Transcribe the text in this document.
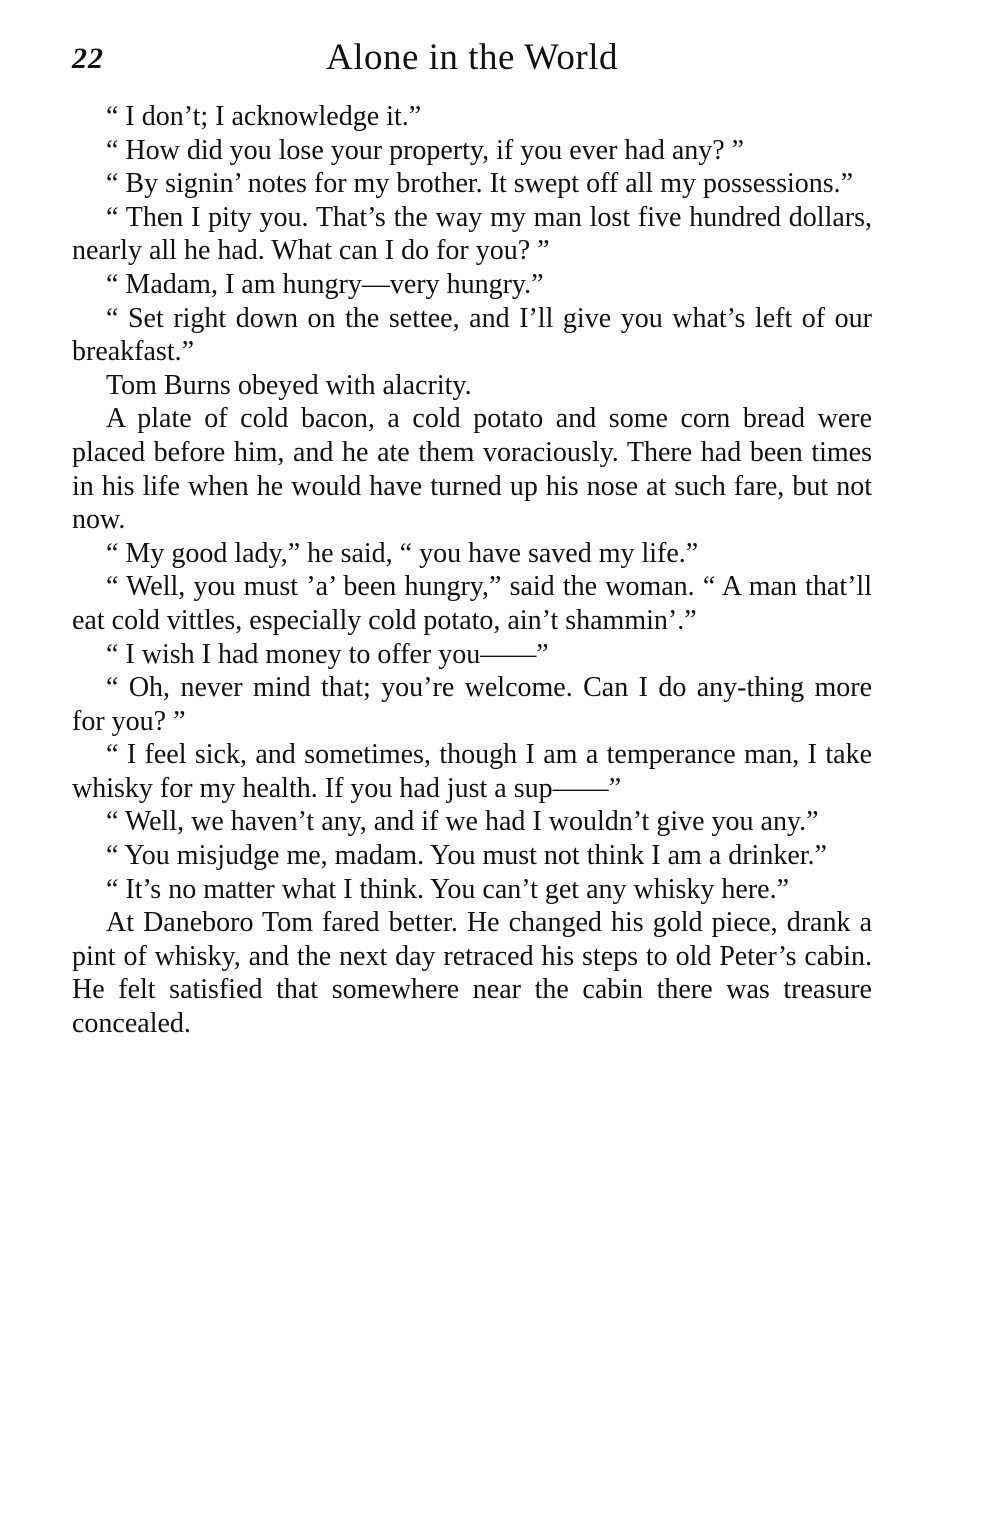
22	Alone in the World

“ I don’t; I acknowledge it.”

“ How did you lose your property, if you ever had any? ”

“ By signin’ notes for my brother. It swept off all my possessions.”

“ Then I pity you. That’s the way my man lost five hundred dollars, nearly all he had. What can I do for you? ”

“ Madam, I am hungry—very hungry.”

“ Set right down on the settee, and I’ll give you what’s left of our breakfast.”

Tom Burns obeyed with alacrity.

A plate of cold bacon, a cold potato and some corn bread were placed before him, and he ate them voraciously. There had been times in his life when he would have turned up his nose at such fare, but not now.

“ My good lady,” he said, “ you have saved my life.”

“ Well, you must ’a’ been hungry,” said the woman. “ A man that’ll eat cold vittles, especially cold potato, ain’t shammin’.”

“ I wish I had money to offer you——”

“ Oh, never mind that; you’re welcome. Can I do any-thing more for you? ”

“ I feel sick, and sometimes, though I am a temperance man, I take whisky for my health. If you had just a sup——”

“ Well, we haven’t any, and if we had I wouldn’t give you any.”

“ You misjudge me, madam. You must not think I am a drinker.”

“ It’s no matter what I think. You can’t get any whisky here.”

At Daneboro Tom fared better. He changed his gold piece, drank a pint of whisky, and the next day retraced his steps to old Peter’s cabin. He felt satisfied that somewhere near the cabin there was treasure concealed.
